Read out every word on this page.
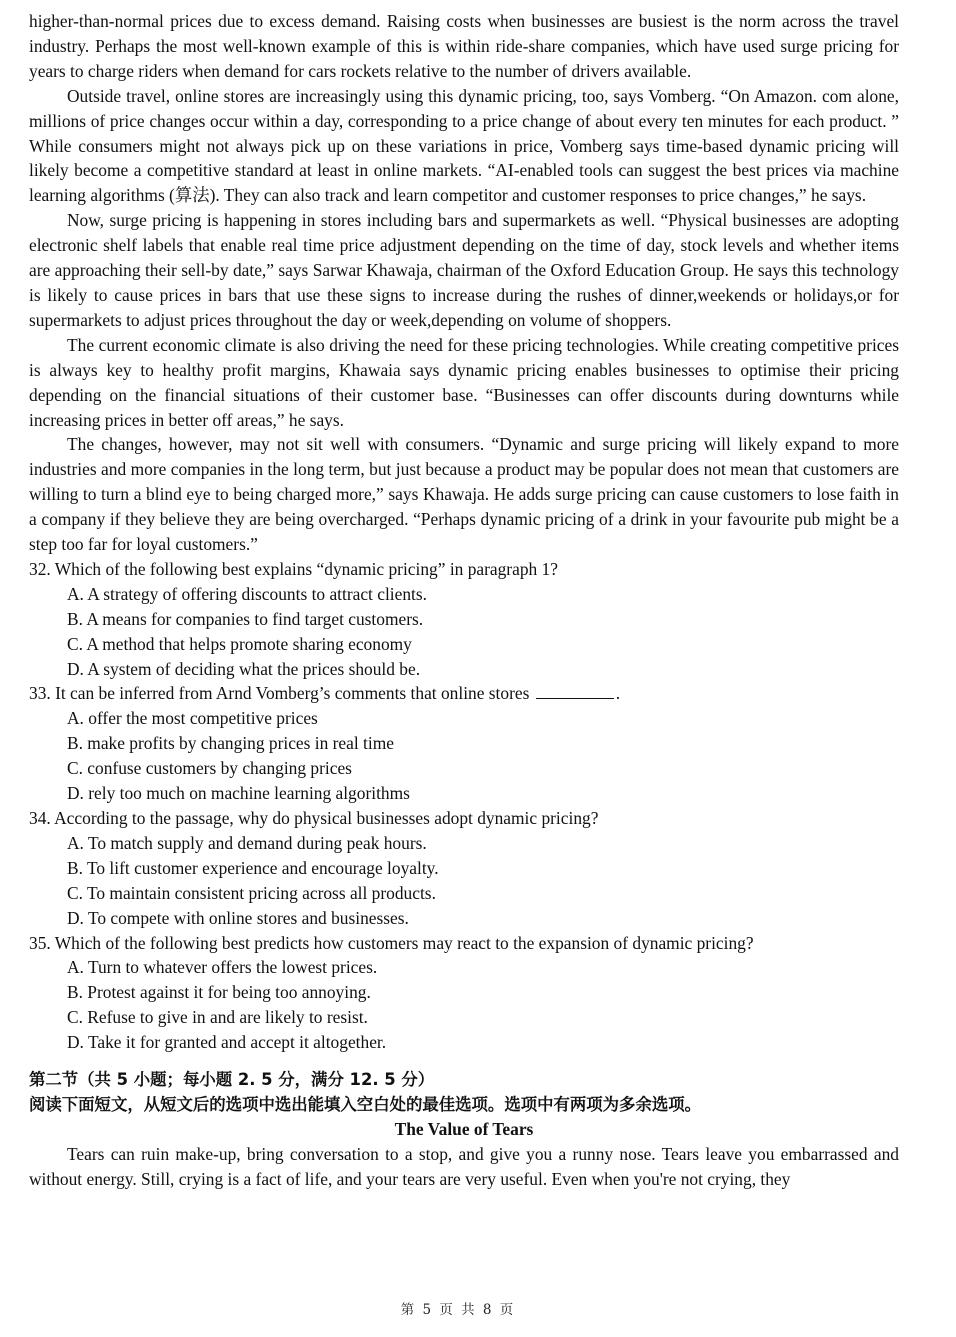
higher-than-normal prices due to excess demand. Raising costs when businesses are busiest is the norm across the travel industry. Perhaps the most well-known example of this is within ride-share companies, which have used surge pricing for years to charge riders when demand for cars rockets relative to the number of drivers available.

Outside travel, online stores are increasingly using this dynamic pricing, too, says Vomberg. “On Amazon. com alone, millions of price changes occur within a day, corresponding to a price change of about every ten minutes for each product. ” While consumers might not always pick up on these variations in price, Vomberg says time-based dynamic pricing will likely become a competitive standard at least in online markets. “AI-enabled tools can suggest the best prices via machine learning algorithms (算法). They can also track and learn competitor and customer responses to price changes,” he says.

Now, surge pricing is happening in stores including bars and supermarkets as well. “Physical businesses are adopting electronic shelf labels that enable real time price adjustment depending on the time of day, stock levels and whether items are approaching their sell-by date,” says Sarwar Khawaja, chairman of the Oxford Education Group. He says this technology is likely to cause prices in bars that use these signs to increase during the rushes of dinner,weekends or holidays,or for supermarkets to adjust prices throughout the day or week,depending on volume of shoppers.

The current economic climate is also driving the need for these pricing technologies. While creating competitive prices is always key to healthy profit margins, Khawaia says dynamic pricing enables businesses to optimise their pricing depending on the financial situations of their customer base. “Businesses can offer discounts during downturns while increasing prices in better off areas,” he says.

The changes, however, may not sit well with consumers. “Dynamic and surge pricing will likely expand to more industries and more companies in the long term, but just because a product may be popular does not mean that customers are willing to turn a blind eye to being charged more,” says Khawaja. He adds surge pricing can cause customers to lose faith in a company if they believe they are being overcharged. “Perhaps dynamic pricing of a drink in your favourite pub might be a step too far for loyal customers.”

32. Which of the following best explains “dynamic pricing” in paragraph 1?

A. A strategy of offering discounts to attract clients.

B. A means for companies to find target customers.

C. A method that helps promote sharing economy

D. A system of deciding what the prices should be.

33. It can be inferred from Arnd Vomberg’s comments that online stores	.

A. offer the most competitive prices

B. make profits by changing prices in real time

C. confuse customers by changing prices

D. rely too much on machine learning algorithms

34. According to the passage, why do physical businesses adopt dynamic pricing?

A. To match supply and demand during peak hours.

B. To lift customer experience and encourage loyalty.

C. To maintain consistent pricing across all products.

D. To compete with online stores and businesses.

35. Which of the following best predicts how customers may react to the expansion of dynamic pricing?

A. Turn to whatever offers the lowest prices.

B. Protest against it for being too annoying.

C. Refuse to give in and are likely to resist.

D. Take it for granted and accept it altogether.

第二节（共 5 小题；每小题 2. 5 分，满分 12. 5 分）

阅读下面短文，从短文后的选项中选出能填入空白处的最佳选项。选项中有两项为多余选项。

The Value of Tears

Tears can ruin make-up, bring conversation to a stop, and give you a runny nose. Tears leave you embarrassed and without energy. Still, crying is a fact of life, and your tears are very useful. Even when you're not crying, they

第 5 页 共 8 页
